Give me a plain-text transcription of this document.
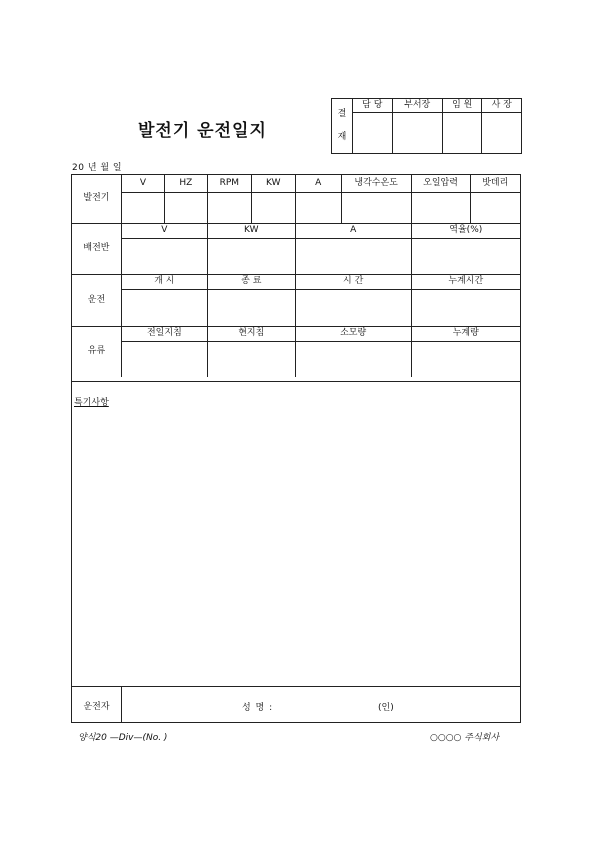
발전기 운전일지
결
재	담 당	부서장	임 원	사 장

20 년 월 일
발전기	V	HZ	RPM	KW	A	냉각수온도	오일압력	밧데리

배전반	V		KW		A		역율(%)	

운전	개 시		종 료		시 간		누계시간	

유류	전일지침		현지침		소모량		누계량	

특기사항
운전자	성 명 :	(인)
양식20 —Div—(No. )	○○○○ 주식회사
